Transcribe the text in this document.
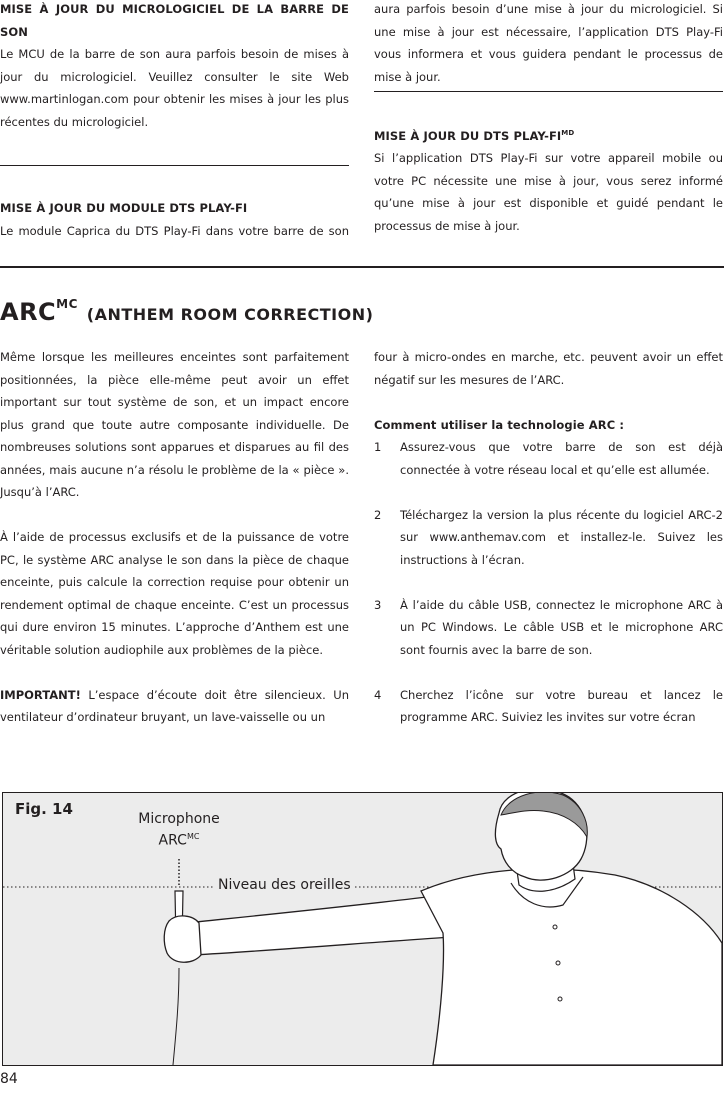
MISE À JOUR DU MICROLOGICIEL DE LA BARRE DE SON

Le MCU de la barre de son aura parfois besoin de mises à jour du micrologiciel. Veuillez consulter le site Web www.martinlogan.com pour obtenir les mises à jour les plus récentes du micrologiciel.

MISE À JOUR DU MODULE DTS PLAY-FI

Le module Caprica du DTS Play-Fi dans votre barre de son

aura parfois besoin d’une mise à jour du micrologiciel. Si une mise à jour est nécessaire, l’application DTS Play-Fi vous informera et vous guidera pendant le processus de mise à jour.

MISE À JOUR DU DTS PLAY-$FI^{MD}$

Si l’application DTS Play-Fi sur votre appareil mobile ou votre PC nécessite une mise à jour, vous serez informé qu’une mise à jour est disponible et guidé pendant le processus de mise à jour.

$ARC^{MC}$ (ANTHEM ROOM CORRECTION)

Même lorsque les meilleures enceintes sont parfaitement positionnées, la pièce elle-même peut avoir un effet important sur tout système de son, et un impact encore plus grand que toute autre composante individuelle. De nombreuses solutions sont apparues et disparues au fil des années, mais aucune n’a résolu le problème de la « pièce ». Jusqu’à l’ARC.

À l’aide de processus exclusifs et de la puissance de votre PC, le système ARC analyse le son dans la pièce de chaque enceinte, puis calcule la correction requise pour obtenir un rendement optimal de chaque enceinte. C’est un processus qui dure environ 15 minutes. L’approche d’Anthem est une véritable solution audiophile aux problèmes de la pièce.

IMPORTANT! L’espace d’écoute doit être silencieux. Un ventilateur d’ordinateur bruyant, un lave-vaisselle ou un

four à micro-ondes en marche, etc. peuvent avoir un effet négatif sur les mesures de l’ARC.

Comment utiliser la technologie ARC :
1 Assurez-vous que votre barre de son est déjà connectée à votre réseau local et qu’elle est allumée.
2 Téléchargez la version la plus récente du logiciel ARC-2 sur www.anthemav.com et installez-le. Suivez les instructions à l’écran.
3 À l’aide du câble USB, connectez le microphone ARC à un PC Windows. Le câble USB et le microphone ARC sont fournis avec la barre de son.
4 Cherchez l’icône sur votre bureau et lancez le programme ARC. Suiviez les invites sur votre écran
Fig. 14
Microphone
$ARC^{MC}$
Niveau des oreilles
84
